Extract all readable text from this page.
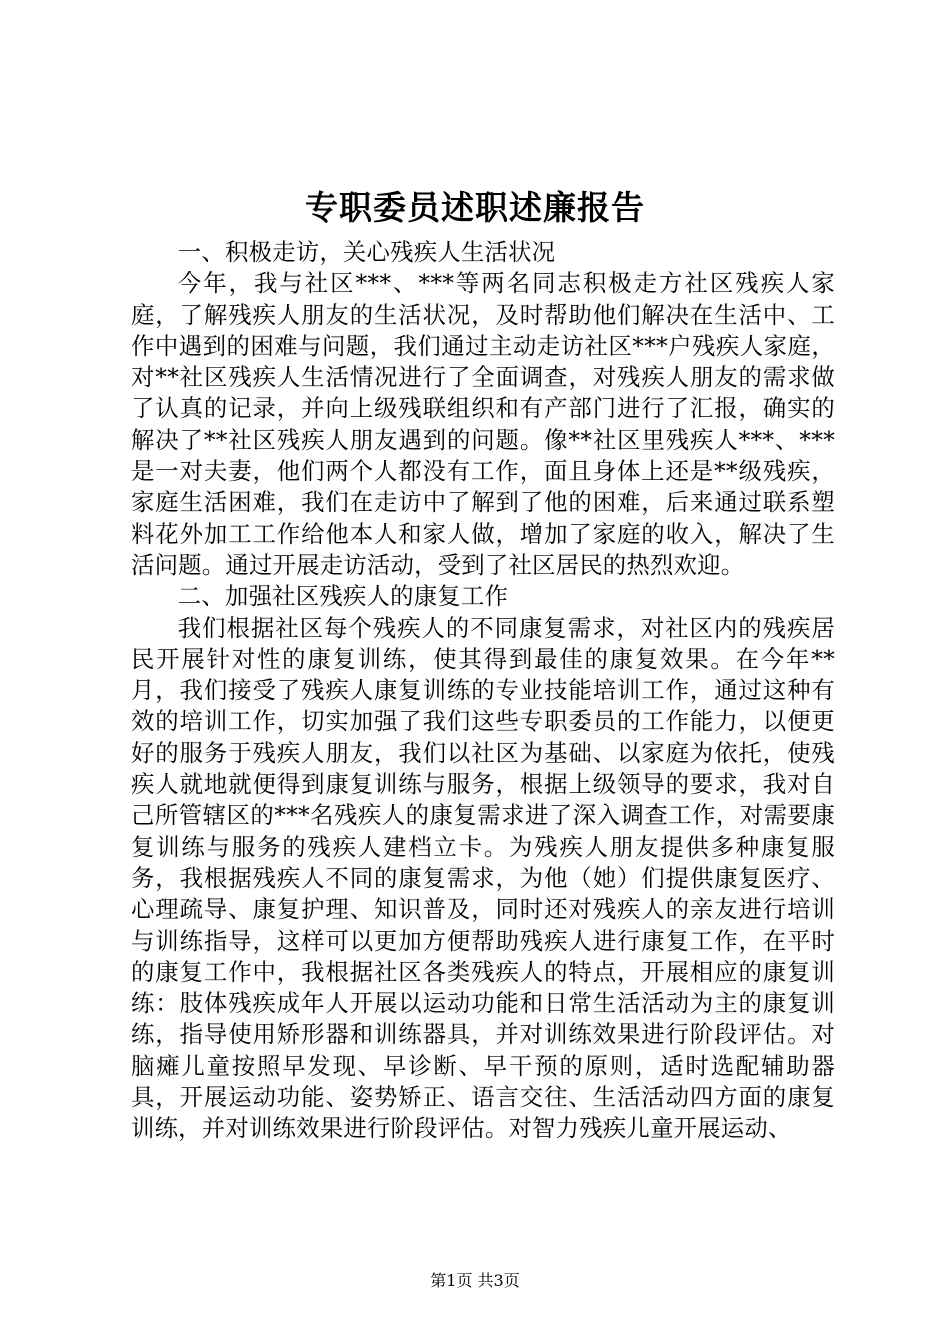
专职委员述职述廉报告

一、积极走访，关心残疾人生活状况

今年，我与社区***、***等两名同志积极走方社区残疾人家庭，了解残疾人朋友的生活状况，及时帮助他们解决在生活中、工作中遇到的困难与问题，我们通过主动走访社区***户残疾人家庭，对**社区残疾人生活情况进行了全面调查，对残疾人朋友的需求做了认真的记录，并向上级残联组织和有产部门进行了汇报，确实的解决了**社区残疾人朋友遇到的问题。像**社区里残疾人***、***是一对夫妻，他们两个人都没有工作，面且身体上还是**级残疾，家庭生活困难，我们在走访中了解到了他的困难，后来通过联系塑料花外加工工作给他本人和家人做，增加了家庭的收入，解决了生活问题。通过开展走访活动，受到了社区居民的热烈欢迎。

二、加强社区残疾人的康复工作

我们根据社区每个残疾人的不同康复需求，对社区内的残疾居民开展针对性的康复训练，使其得到最佳的康复效果。在今年**月，我们接受了残疾人康复训练的专业技能培训工作，通过这种有效的培训工作，切实加强了我们这些专职委员的工作能力，以便更好的服务于残疾人朋友，我们以社区为基础、以家庭为依托，使残疾人就地就便得到康复训练与服务，根据上级领导的要求，我对自己所管辖区的***名残疾人的康复需求进了深入调查工作，对需要康复训练与服务的残疾人建档立卡。为残疾人朋友提供多种康复服务，我根据残疾人不同的康复需求，为他（她）们提供康复医疗、心理疏导、康复护理、知识普及，同时还对残疾人的亲友进行培训与训练指导，这样可以更加方便帮助残疾人进行康复工作，在平时的康复工作中，我根据社区各类残疾人的特点，开展相应的康复训练：肢体残疾成年人开展以运动功能和日常生活活动为主的康复训练，指导使用矫形器和训练器具，并对训练效果进行阶段评估。对脑瘫儿童按照早发现、早诊断、早干预的原则，适时选配辅助器具，开展运动功能、姿势矫正、语言交往、生活活动四方面的康复训练，并对训练效果进行阶段评估。对智力残疾儿童开展运动、

第1页 共3页
